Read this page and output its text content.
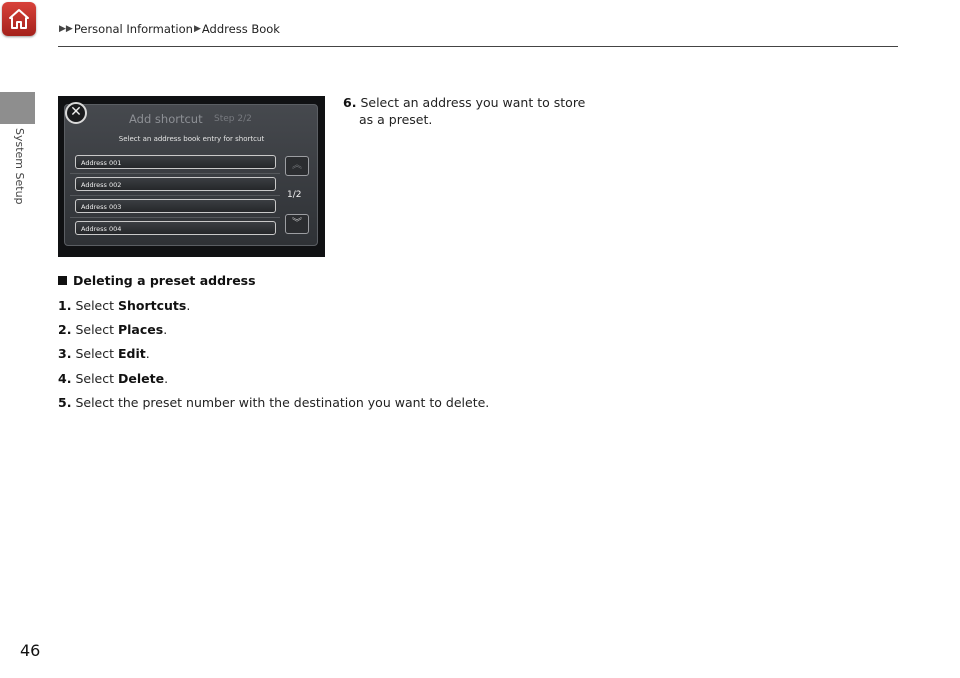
▶▶ Personal Information ▶ Address Book
System Setup
✕	Add shortcut Step 2/2
Select an address book entry for shortcut
Address 001
Address 002
Address 003
Address 004
︽
1/2
︾
6. Select an address you want to store
as a preset.
Deleting a preset address
1. Select Shortcuts.
2. Select Places.
3. Select Edit.
4. Select Delete.
5. Select the preset number with the destination you want to delete.
46
